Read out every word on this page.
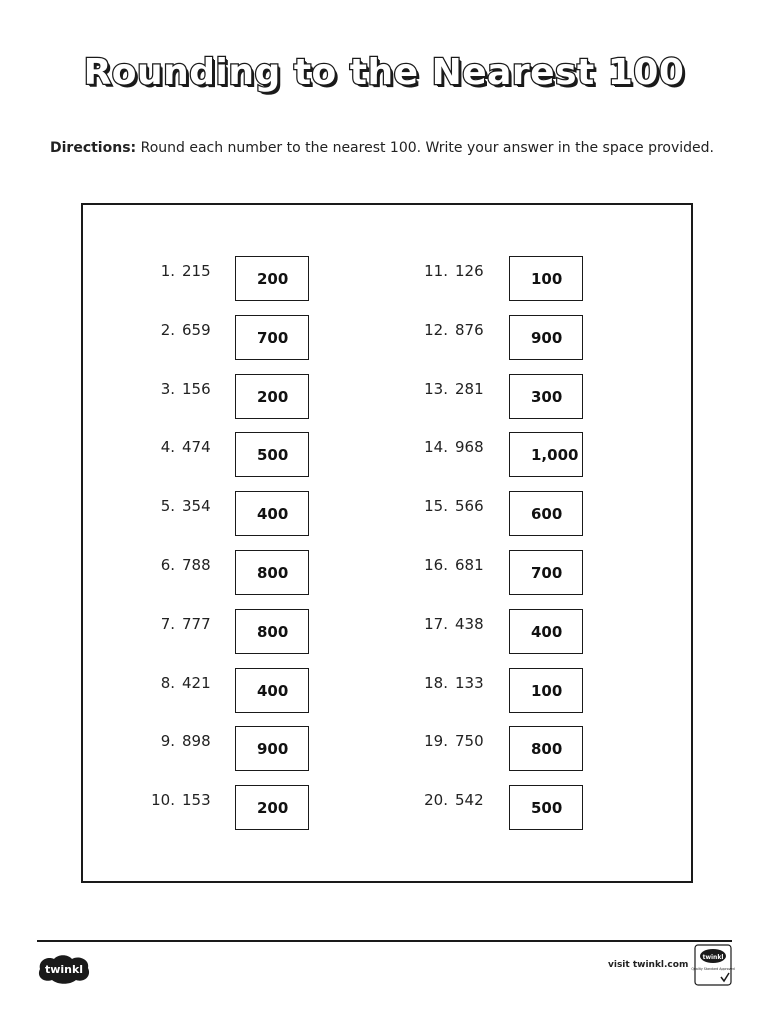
Rounding to the Nearest 100
Directions: Round each number to the nearest 100. Write your answer in the space provided.
1. 215	200
2. 659	700
3. 156	200
4. 474	500
5. 354	400
6. 788	800
7. 777	800
8. 421	400
9. 898	900
10. 153	200
11. 126	100
12. 876	900
13. 281	300
14. 968	1,000
15. 566	600
16. 681	700
17. 438	400
18. 133	100
19. 750	800
20. 542	500
twinkl	visit twinkl.com
twinkl
Quality Standard Approved
